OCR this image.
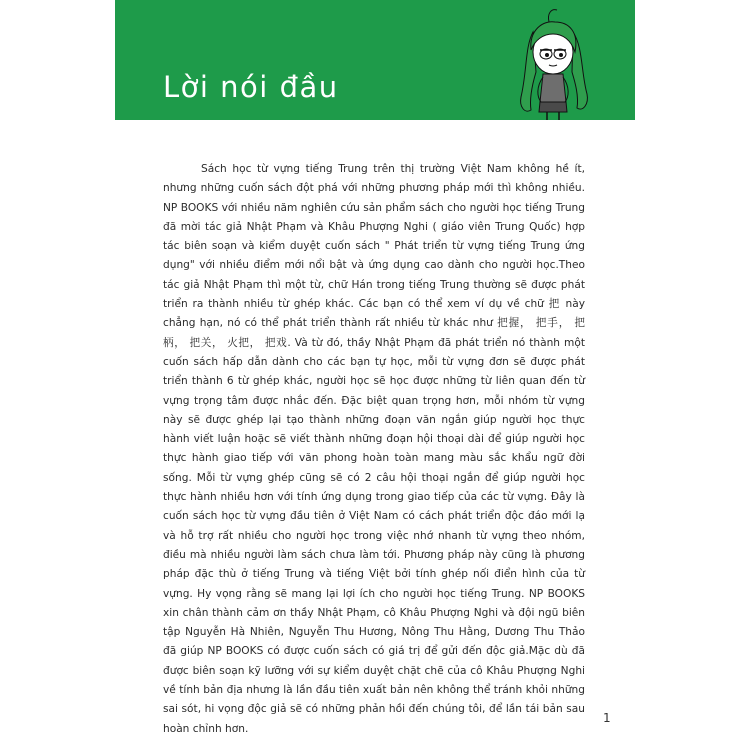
Lời nói đầu

Sách học từ vựng tiếng Trung trên thị trường Việt Nam không hề ít, nhưng những cuốn sách đột phá với những phương pháp mới thì không nhiều. NP BOOKS với nhiều năm nghiên cứu sản phẩm sách cho người học tiếng Trung đã mời tác giả Nhật Phạm và Khâu Phượng Nghi ( giáo viên Trung Quốc) hợp tác biên soạn và kiểm duyệt cuốn sách " Phát triển từ vựng tiếng Trung ứng dụng" với nhiều điểm mới nổi bật và ứng dụng cao dành cho người học.Theo tác giả Nhật Phạm thì một từ, chữ Hán trong tiếng Trung thường sẽ được phát triển ra thành nhiều từ ghép khác. Các bạn có thể xem ví dụ về chữ 把 này chẳng hạn, nó có thể phát triển thành rất nhiều từ khác như 把握， 把手， 把柄， 把关， 火把， 把戏. Và từ đó, thầy Nhật Phạm đã phát triển nó thành một cuốn sách hấp dẫn dành cho các bạn tự học, mỗi từ vựng đơn sẽ được phát triển thành 6 từ ghép khác, người học sẽ học được những từ liên quan đến từ vựng trọng tâm được nhắc đến. Đặc biệt quan trọng hơn, mỗi nhóm từ vựng này sẽ được ghép lại tạo thành những đoạn văn ngắn giúp người học thực hành viết luận hoặc sẽ viết thành những đoạn hội thoại dài để giúp người học thực hành giao tiếp với văn phong hoàn toàn mang màu sắc khẩu ngữ đời sống. Mỗi từ vựng ghép cũng sẽ có 2 câu hội thoại ngắn để giúp người học thực hành nhiều hơn với tính ứng dụng trong giao tiếp của các từ vựng. Đây là cuốn sách học từ vựng đầu tiên ở Việt Nam có cách phát triển độc đáo mới lạ và hỗ trợ rất nhiều cho người học trong việc nhớ nhanh từ vựng theo nhóm, điều mà nhiều người làm sách chưa làm tới. Phương pháp này cũng là phương pháp đặc thù ở tiếng Trung và tiếng Việt bởi tính ghép nối điển hình của từ vựng. Hy vọng rằng sẽ mang lại lợi ích cho người học tiếng Trung. NP BOOKS xin chân thành cảm ơn thầy Nhật Phạm, cô Khâu Phượng Nghi và đội ngũ biên tập Nguyễn Hà Nhiên, Nguyễn Thu Hương, Nông Thu Hằng, Dương Thu Thảo đã giúp NP BOOKS có được cuốn sách có giá trị để gửi đến độc giả.Mặc dù đã được biên soạn kỹ lưỡng với sự kiểm duyệt chặt chẽ của cô Khâu Phượng Nghi về tính bản địa nhưng là lần đầu tiên xuất bản nên không thể tránh khỏi những sai sót, hi vọng độc giả sẽ có những phản hồi đến chúng tôi, để lần tái bản sau hoàn chỉnh hơn.

1
